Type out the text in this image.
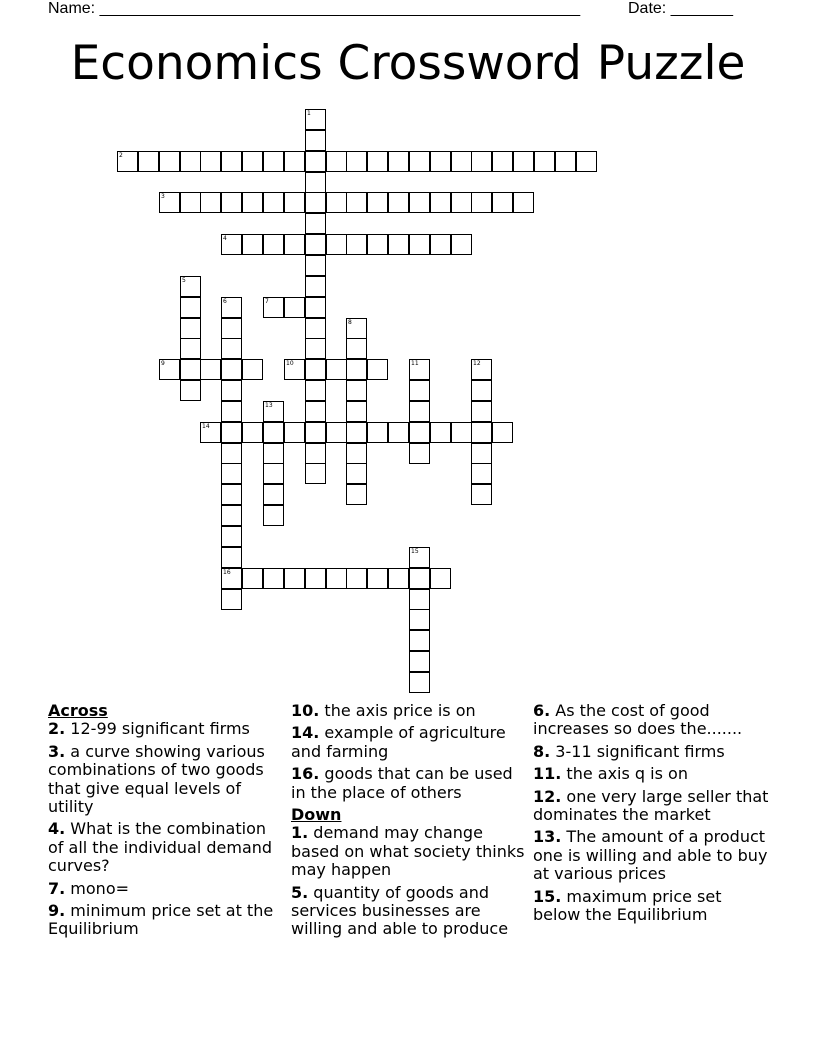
Name: ______________________________________________________	Date: _______
Economics Crossword Puzzle
1
2
3
4
5
6
16
7
8
9	10	11	12
13
14
15

Across

2. 12-99 significant firms

3. a curve showing various combinations of two goods that give equal levels of utility

4. What is the combination of all the individual demand curves?

7. mono=

9. minimum price set at the Equilibrium

10. the axis price is on

14. example of agriculture and farming

16. goods that can be used in the place of others

Down

1. demand may change based on what society thinks may happen

5. quantity of goods and services businesses are willing and able to produce

6. As the cost of good increases so does the.......

8. 3-11 significant firms

11. the axis q is on

12. one very large seller that dominates the market

13. The amount of a product one is willing and able to buy at various prices

15. maximum price set below the Equilibrium
